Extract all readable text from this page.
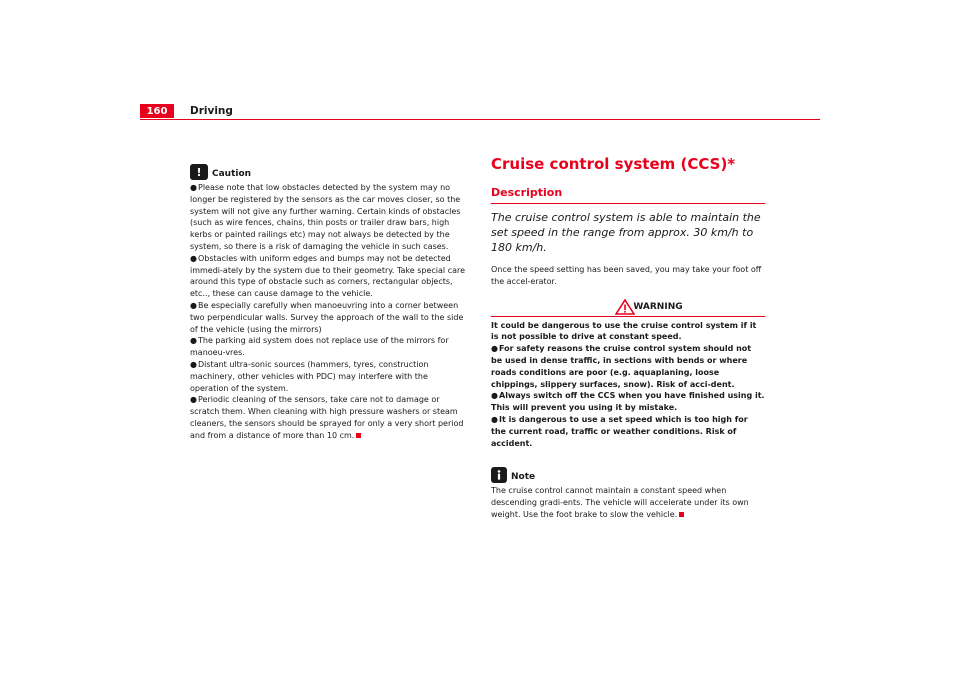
160	Driving
!	Caution

●Please note that low obstacles detected by the system may no longer be registered by the sensors as the car moves closer, so the system will not give any further warning. Certain kinds of obstacles (such as wire fences, chains, thin posts or trailer draw bars, high kerbs or painted railings etc) may not always be detected by the system, so there is a risk of damaging the vehicle in such cases.

●Obstacles with uniform edges and bumps may not be detected immedi-ately by the system due to their geometry. Take special care around this type of obstacle such as corners, rectangular objects, etc.., these can cause damage to the vehicle.

●Be especially carefully when manoeuvring into a corner between two perpendicular walls. Survey the approach of the wall to the side of the vehicle (using the mirrors)

●The parking aid system does not replace use of the mirrors for manoeu-vres.

●Distant ultra-sonic sources (hammers, tyres, construction machinery, other vehicles with PDC) may interfere with the operation of the system.

●Periodic cleaning of the sensors, take care not to damage or scratch them. When cleaning with high pressure washers or steam cleaners, the sensors should be sprayed for only a very short period and from a distance of more than 10 cm.

Cruise control system (CCS)*
Description
The cruise control system is able to maintain the set speed in the range from approx. 30 km/h to 180 km/h.

Once the speed setting has been saved, you may take your foot off the accel-erator.

WARNING

It could be dangerous to use the cruise control system if it is not possible to drive at constant speed.

●For safety reasons the cruise control system should not be used in dense traffic, in sections with bends or where roads conditions are poor (e.g. aquaplaning, loose chippings, slippery surfaces, snow). Risk of acci-dent.

●Always switch off the CCS when you have finished using it. This will prevent you using it by mistake.

●It is dangerous to use a set speed which is too high for the current road, traffic or weather conditions. Risk of accident.

Note

The cruise control cannot maintain a constant speed when descending gradi-ents. The vehicle will accelerate under its own weight. Use the foot brake to slow the vehicle.
